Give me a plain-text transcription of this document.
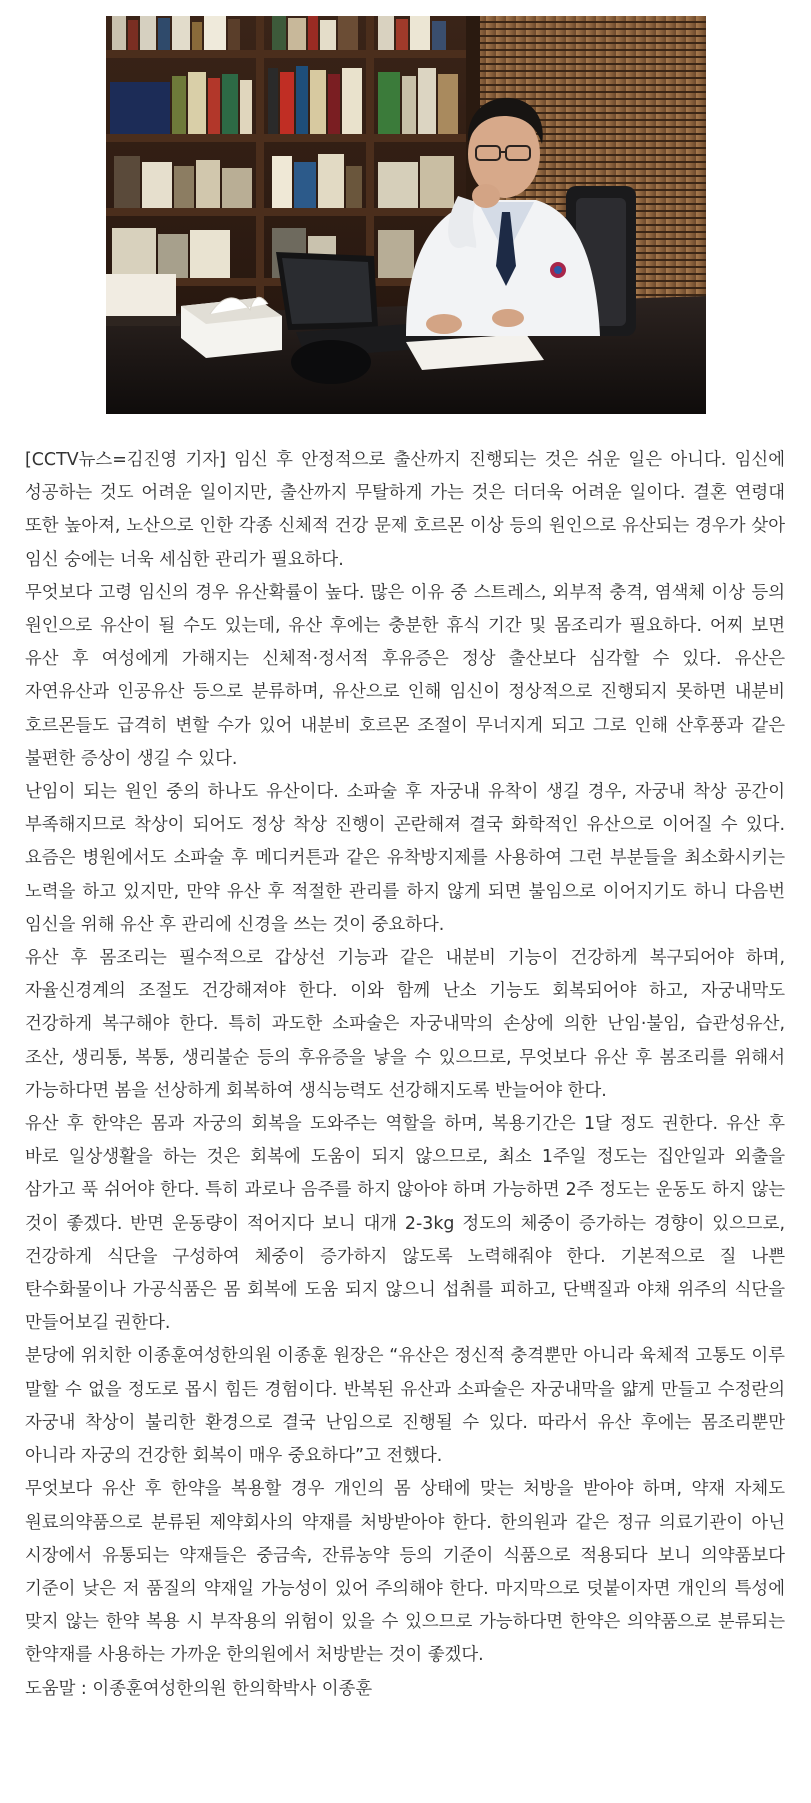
[CCTV뉴스=김진영 기자] 임신 후 안정적으로 출산까지 진행되는 것은 쉬운 일은 아니다. 임신에 성공하는 것도 어려운 일이지만, 출산까지 무탈하게 가는 것은 더더욱 어려운 일이다. 결혼 연령대 또한 높아져, 노산으로 인한 각종 신체적 건강 문제 호르몬 이상 등의 원인으로 유산되는 경우가 샂아 임신 숭에는 너욱 세심한 관리가 필요하다.

무엇보다 고령 임신의 경우 유산확률이 높다. 많은 이유 중 스트레스, 외부적 충격, 염색체 이상 등의 원인으로 유산이 될 수도 있는데, 유산 후에는 충분한 휴식 기간 및 몸조리가 필요하다. 어찌 보면 유산 후 여성에게 가해지는 신체적·정서적 후유증은 정상 출산보다 심각할 수 있다. 유산은 자연유산과 인공유산 등으로 분류하며, 유산으로 인해 임신이 정상적으로 진행되지 못하면 내분비 호르몬들도 급격히 변할 수가 있어 내분비 호르몬 조절이 무너지게 되고 그로 인해 산후풍과 같은 불편한 증상이 생길 수 있다.

난임이 되는 원인 중의 하나도 유산이다. 소파술 후 자궁내 유착이 생길 경우, 자궁내 착상 공간이 부족해지므로 착상이 되어도 정상 착상 진행이 곤란해져 결국 화학적인 유산으로 이어질 수 있다. 요즘은 병원에서도 소파술 후 메디커튼과 같은 유착방지제를 사용하여 그런 부분들을 최소화시키는 노력을 하고 있지만, 만약 유산 후 적절한 관리를 하지 않게 되면 불임으로 이어지기도 하니 다음번 임신을 위해 유산 후 관리에 신경을 쓰는 것이 중요하다.

유산 후 몸조리는 필수적으로 갑상선 기능과 같은 내분비 기능이 건강하게 복구되어야 하며, 자율신경계의 조절도 건강해져야 한다. 이와 함께 난소 기능도 회복되어야 하고, 자궁내막도 건강하게 복구해야 한다. 특히 과도한 소파술은 자궁내막의 손상에 의한 난임·불임, 습관성유산, 조산, 생리통, 복통, 생리불순 등의 후유증을 낳을 수 있으므로, 무엇보다 유산 후 봄조리를 위해서 가능하다면 봄을 선상하게 회복하여 생식능력도 선강해지도록 반늘어야 한다.

유산 후 한약은 몸과 자궁의 회복을 도와주는 역할을 하며, 복용기간은 1달 정도 권한다. 유산 후 바로 일상생활을 하는 것은 회복에 도움이 되지 않으므로, 최소 1주일 정도는 집안일과 외출을 삼가고 푹 쉬어야 한다. 특히 과로나 음주를 하지 않아야 하며 가능하면 2주 정도는 운동도 하지 않는 것이 좋겠다. 반면 운동량이 적어지다 보니 대개 2-3kg 정도의 체중이 증가하는 경향이 있으므로, 건강하게 식단을 구성하여 체중이 증가하지 않도록 노력해줘야 한다. 기본적으로 질 나쁜 탄수화물이나 가공식품은 몸 회복에 도움 되지 않으니 섭취를 피하고, 단백질과 야채 위주의 식단을 만들어보길 권한다.

분당에 위치한 이종훈여성한의원 이종훈 원장은 “유산은 정신적 충격뿐만 아니라 육체적 고통도 이루 말할 수 없을 정도로 몹시 힘든 경험이다. 반복된 유산과 소파술은 자궁내막을 얇게 만들고 수정란의 자궁내 착상이 불리한 환경으로 결국 난임으로 진행될 수 있다. 따라서 유산 후에는 몸조리뿐만 아니라 자궁의 건강한 회복이 매우 중요하다”고 전했다.

무엇보다 유산 후 한약을 복용할 경우 개인의 몸 상태에 맞는 처방을 받아야 하며, 약재 자체도 원료의약품으로 분류된 제약회사의 약재를 처방받아야 한다. 한의원과 같은 정규 의료기관이 아닌 시장에서 유통되는 약재들은 중금속, 잔류농약 등의 기준이 식품으로 적용되다 보니 의약품보다 기준이 낮은 저 품질의 약재일 가능성이 있어 주의해야 한다. 마지막으로 덧붙이자면 개인의 특성에 맞지 않는 한약 복용 시 부작용의 위험이 있을 수 있으므로 가능하다면 한약은 의약품으로 분류되는 한약재를 사용하는 가까운 한의원에서 처방받는 것이 좋겠다.

도움말 : 이종훈여성한의원 한의학박사 이종훈
